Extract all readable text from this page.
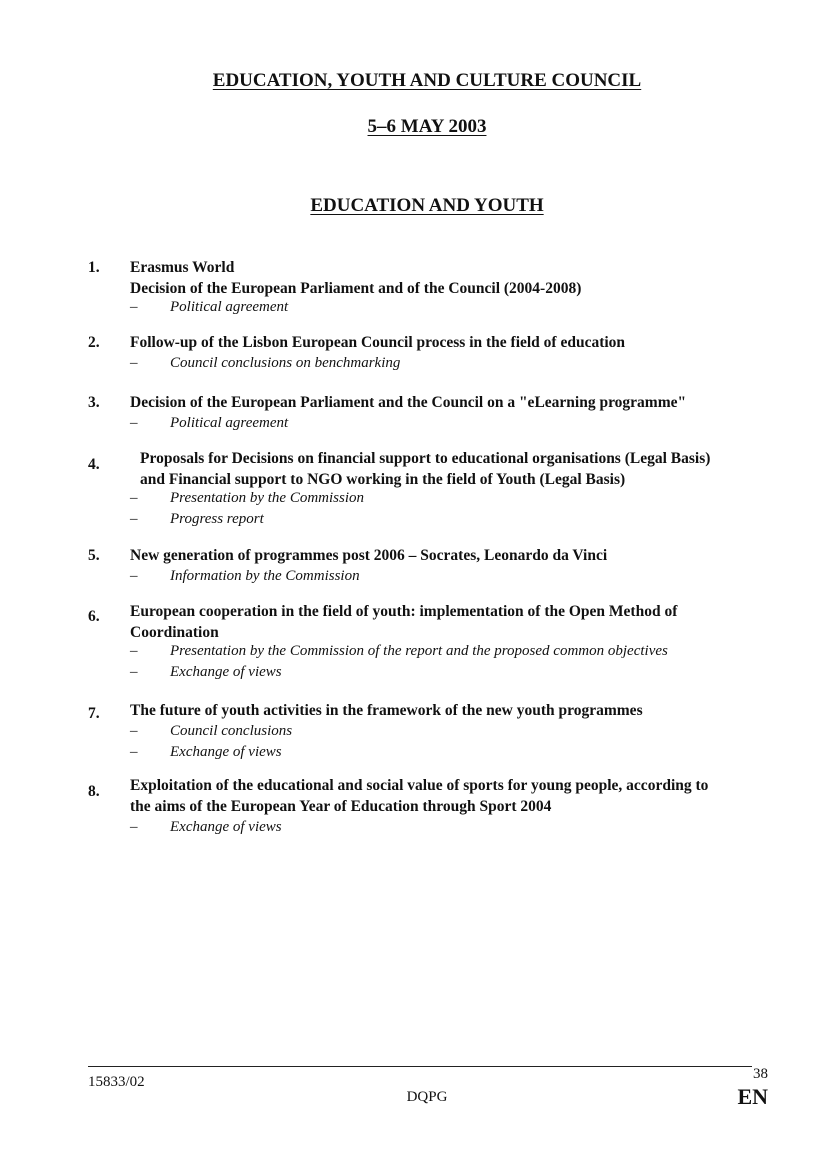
EDUCATION, YOUTH AND CULTURE COUNCIL
5–6 MAY 2003
EDUCATION AND YOUTH
1. Erasmus World
Decision of the European Parliament and of the Council (2004-2008)
– Political agreement
2. Follow-up of the Lisbon European Council process in the field of education
– Council conclusions on benchmarking
3. Decision of the European Parliament and the Council on a "eLearning programme"
– Political agreement
4.	Proposals for Decisions on financial support to educational organisations (Legal Basis)
and Financial support to NGO working in the field of Youth (Legal Basis)
– Presentation by the Commission
– Progress report
5. New generation of programmes post 2006 – Socrates, Leonardo da Vinci
– Information by the Commission
6. European cooperation in the field of youth: implementation of the Open Method of
Coordination
– Presentation by the Commission of the report and the proposed common objectives
– Exchange of views
7. The future of youth activities in the framework of the new youth programmes
– Council conclusions
– Exchange of views
8. Exploitation of the educational and social value of sports for young people, according to
the aims of the European Year of Education through Sport 2004
– Exchange of views
15833/02
DQPG
38
EN
